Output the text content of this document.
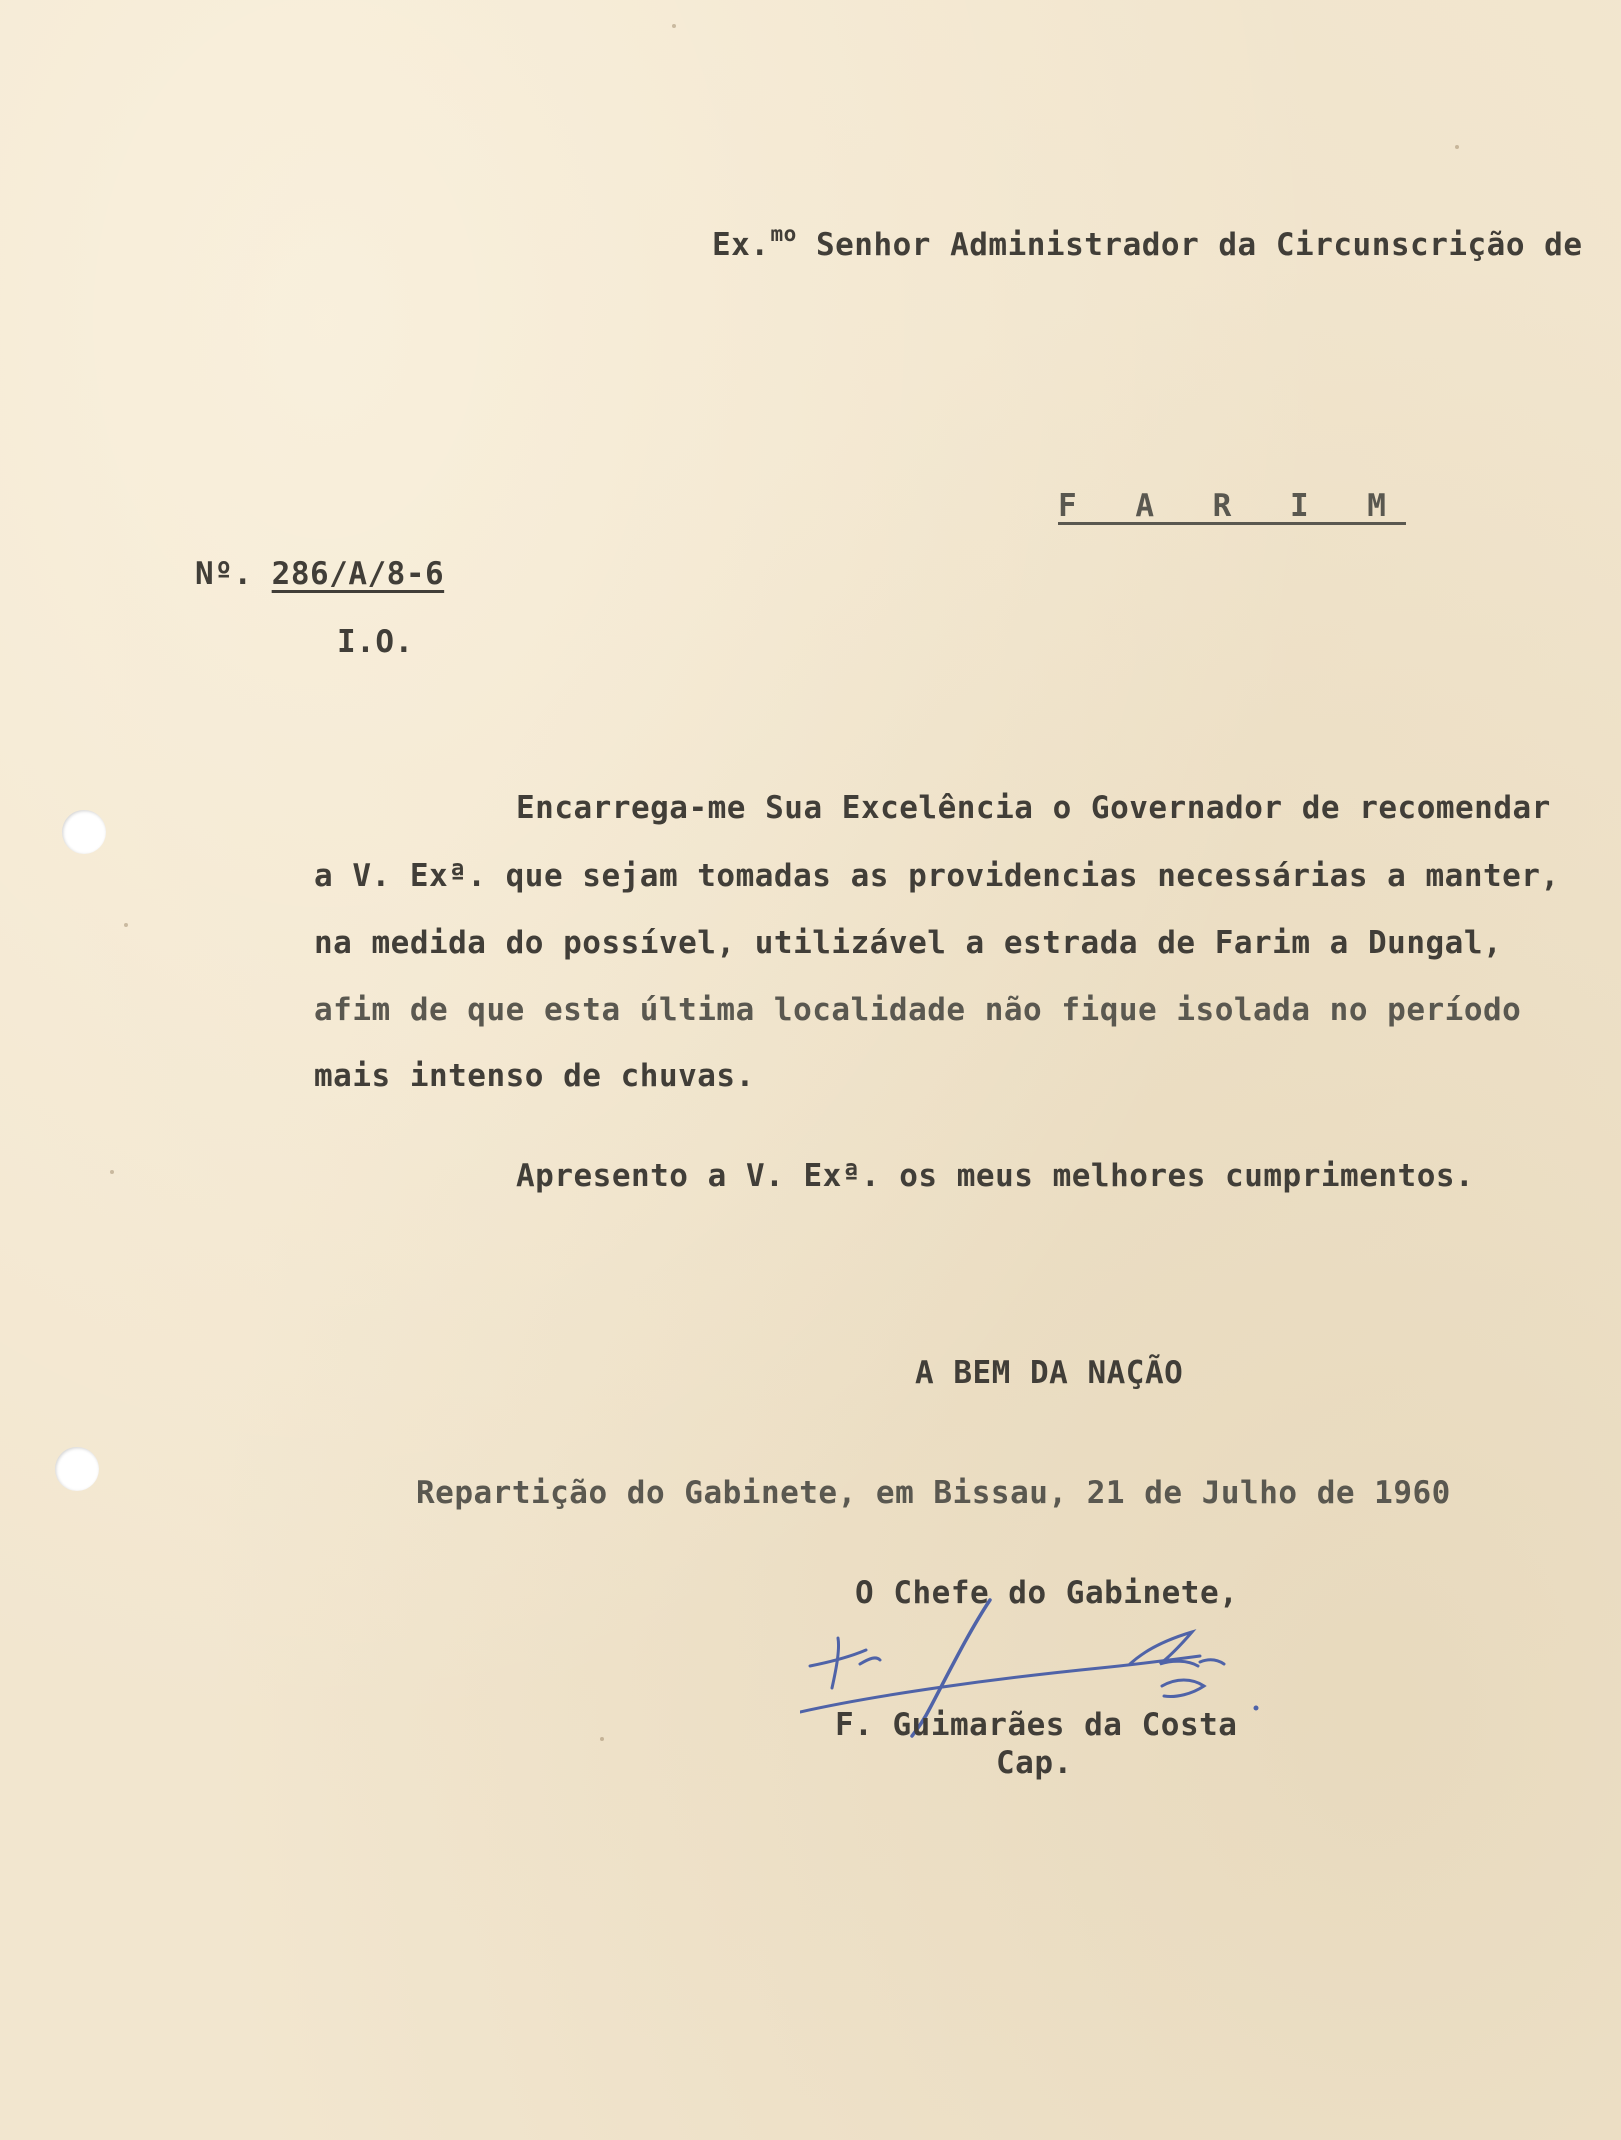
Ex.$^{mo}$ Senhor Administrador da Circunscrição de
F A R I M
Nº. 286/A/8-6
I.O.
Encarrega-me Sua Excelência o Governador de recomendar
a V. Exª. que sejam tomadas as providencias necessárias a manter,
na medida do possível, utilizável a estrada de Farim a Dungal,
afim de que esta última localidade não fique isolada no período
mais intenso de chuvas.
Apresento a V. Exª. os meus melhores cumprimentos.
A BEM DA NAÇÃO
Repartição do Gabinete, em Bissau, 21 de Julho de 1960
O Chefe do Gabinete,
F. Guimarães da Costa
Cap.
